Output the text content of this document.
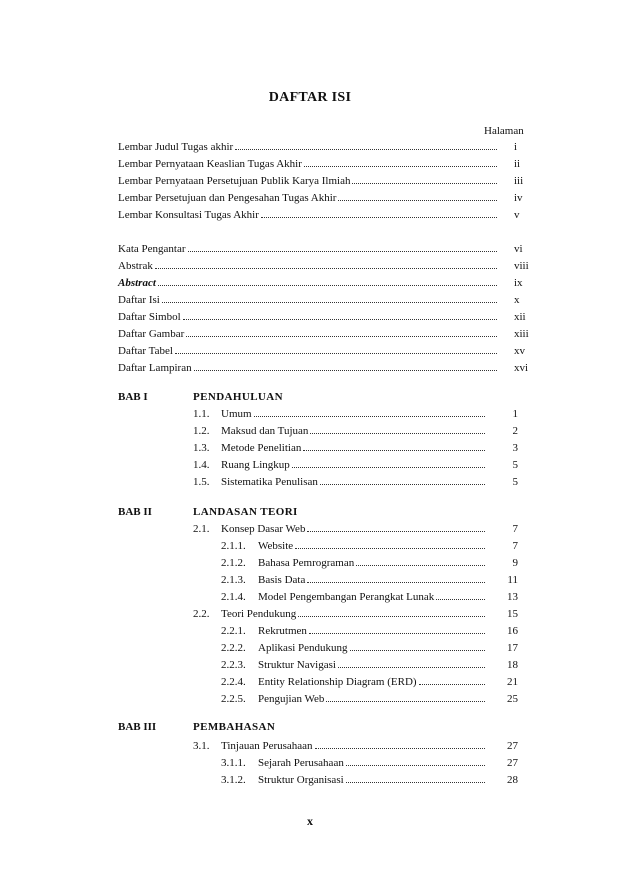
DAFTAR ISI
Halaman
Lembar Judul Tugas akhir	i
Lembar Pernyataan Keaslian Tugas Akhir	ii
Lembar Pernyataan Persetujuan Publik Karya Ilmiah	iii
Lembar Persetujuan dan Pengesahan Tugas Akhir	iv
Lembar Konsultasi Tugas Akhir	v
Kata Pengantar	vi
Abstrak	viii
Abstract	ix
Daftar Isi	x
Daftar Simbol	xii
Daftar Gambar	xiii
Daftar Tabel	xv
Daftar Lampiran	xvi
BAB I	PENDAHULUAN
1.1. Umum	1
1.2. Maksud dan Tujuan	2
1.3. Metode Penelitian	3
1.4. Ruang Lingkup	5
1.5. Sistematika Penulisan	5
BAB II	LANDASAN TEORI
2.1. Konsep Dasar Web	7
2.1.1. Website	7
2.1.2. Bahasa Pemrograman	9
2.1.3. Basis Data	11
2.1.4. Model Pengembangan Perangkat Lunak	13
2.2. Teori Pendukung	15
2.2.1. Rekrutmen	16
2.2.2. Aplikasi Pendukung	17
2.2.3. Struktur Navigasi	18
2.2.4. Entity Relationship Diagram (ERD)	21
2.2.5. Pengujian Web	25
BAB III	PEMBAHASAN
3.1. Tinjauan Perusahaan	27
3.1.1. Sejarah Perusahaan	27
3.1.2. Struktur Organisasi	28
x
